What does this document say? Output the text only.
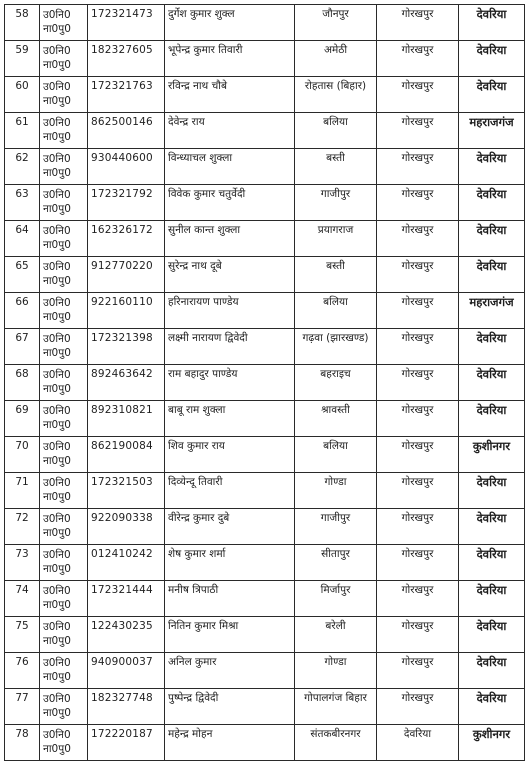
58	उ0नि0
ना0पु0	172321473	दुर्गेश कुमार शुक्ल	जौनपुर	गोरखपुर	देवरिया
59	उ0नि0
ना0पु0	182327605	भूपेन्द्र कुमार तिवारी	अमेठी	गोरखपुर	देवरिया
60	उ0नि0
ना0पु0	172321763	रविन्द्र नाथ चौबे	रोहतास (बिहार)	गोरखपुर	देवरिया
61	उ0नि0
ना0पु0	862500146	देवेन्द्र राय	बलिया	गोरखपुर	महराजगंज
62	उ0नि0
ना0पु0	930440600	विन्ध्याचल शुक्ला	बस्ती	गोरखपुर	देवरिया
63	उ0नि0
ना0पु0	172321792	विवेक कुमार चतुर्वेदी	गाजीपुर	गोरखपुर	देवरिया
64	उ0नि0
ना0पु0	162326172	सुनील कान्त शुक्ला	प्रयागराज	गोरखपुर	देवरिया
65	उ0नि0
ना0पु0	912770220	सुरेन्द्र नाथ दूबे	बस्ती	गोरखपुर	देवरिया
66	उ0नि0
ना0पु0	922160110	हरिनारायण पाण्डेय	बलिया	गोरखपुर	महराजगंज
67	उ0नि0
ना0पु0	172321398	लक्ष्मी नारायण द्विवेदी	गढ़वा (झारखण्ड)	गोरखपुर	देवरिया
68	उ0नि0
ना0पु0	892463642	राम बहादुर पाण्डेय	बहराइच	गोरखपुर	देवरिया
69	उ0नि0
ना0पु0	892310821	बाबू राम शुक्ला	श्रावस्ती	गोरखपुर	देवरिया
70	उ0नि0
ना0पु0	862190084	शिव कुमार राय	बलिया	गोरखपुर	कुशीनगर
71	उ0नि0
ना0पु0	172321503	दिव्येन्दू तिवारी	गोण्डा	गोरखपुर	देवरिया
72	उ0नि0
ना0पु0	922090338	वीरेन्द्र कुमार दुबे	गाजीपुर	गोरखपुर	देवरिया
73	उ0नि0
ना0पु0	012410242	शेष कुमार शर्मा	सीतापुर	गोरखपुर	देवरिया
74	उ0नि0
ना0पु0	172321444	मनीष त्रिपाठी	मिर्जापुर	गोरखपुर	देवरिया
75	उ0नि0
ना0पु0	122430235	नितिन कुमार मिश्रा	बरेली	गोरखपुर	देवरिया
76	उ0नि0
ना0पु0	940900037	अनिल कुमार	गोण्डा	गोरखपुर	देवरिया
77	उ0नि0
ना0पु0	182327748	पुष्पेन्द्र द्विवेदी	गोपालगंज बिहार	गोरखपुर	देवरिया
78	उ0नि0
ना0पु0	172220187	महेन्द्र मोहन	संतकबीरनगर	देवरिया	कुशीनगर
